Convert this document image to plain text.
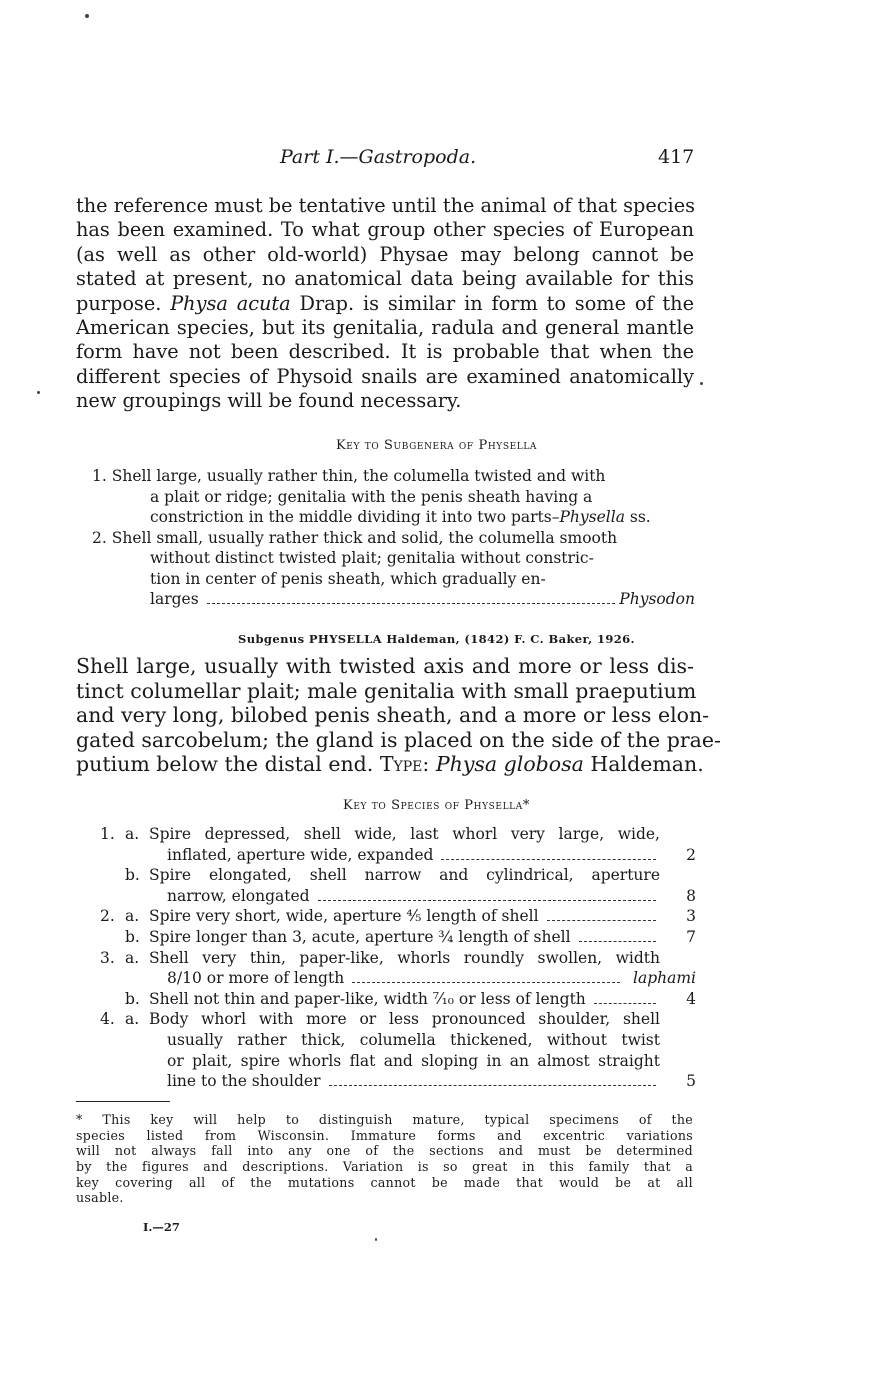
Part I.—Gastropoda.	417
the reference must be tentative until the animal of that species
has been examined. To what group other species of European
(as well as other old-world) Physae may belong cannot be
stated at present, no anatomical data being available for this
purpose. Physa acuta Drap. is similar in form to some of the
American species, but its genitalia, radula and general mantle
form have not been described. It is probable that when the
different species of Physoid snails are examined anatomically
new groupings will be found necessary.
Key to Subgenera of Physella
1. Shell large, usually rather thin, the columella twisted and with
a plait or ridge; genitalia with the penis sheath having a
constriction in the middle dividing it into two parts–Physella ss.
2. Shell small, usually rather thick and solid, the columella smooth
without distinct twisted plait; genitalia without constric-
tion in center of penis sheath, which gradually en-
larges	Physodon
Subgenus PHYSELLA Haldeman, (1842) F. C. Baker, 1926.
Shell large, usually with twisted axis and more or less dis-
tinct columellar plait; male genitalia with small praeputium
and very long, bilobed penis sheath, and a more or less elon-
gated sarcobelum; the gland is placed on the side of the prae-
putium below the distal end. Type: Physa globosa Haldeman.
Key to Species of Physella*
1. a. Spire depressed, shell wide, last whorl very large, wide,
inflated, aperture wide, expanded	2
b. Spire elongated, shell narrow and cylindrical, aperture
narrow, elongated	8
2. a. Spire very short, wide, aperture ⅘ length of shell	3
b. Spire longer than 3, acute, aperture ¾ length of shell	7
3. a. Shell very thin, paper-like, whorls roundly swollen, width
8/10 or more of length	laphami
b. Shell not thin and paper-like, width ⁷⁄₁₀ or less of length	4
4. a. Body whorl with more or less pronounced shoulder, shell
usually rather thick, columella thickened, without twist
or plait, spire whorls flat and sloping in an almost straight
line to the shoulder	5
* This key will help to distinguish mature, typical specimens of the
species listed from Wisconsin. Immature forms and excentric variations
will not always fall into any one of the sections and must be determined
by the figures and descriptions. Variation is so great in this family that a
key covering all of the mutations cannot be made that would be at all
usable.
I.—27
